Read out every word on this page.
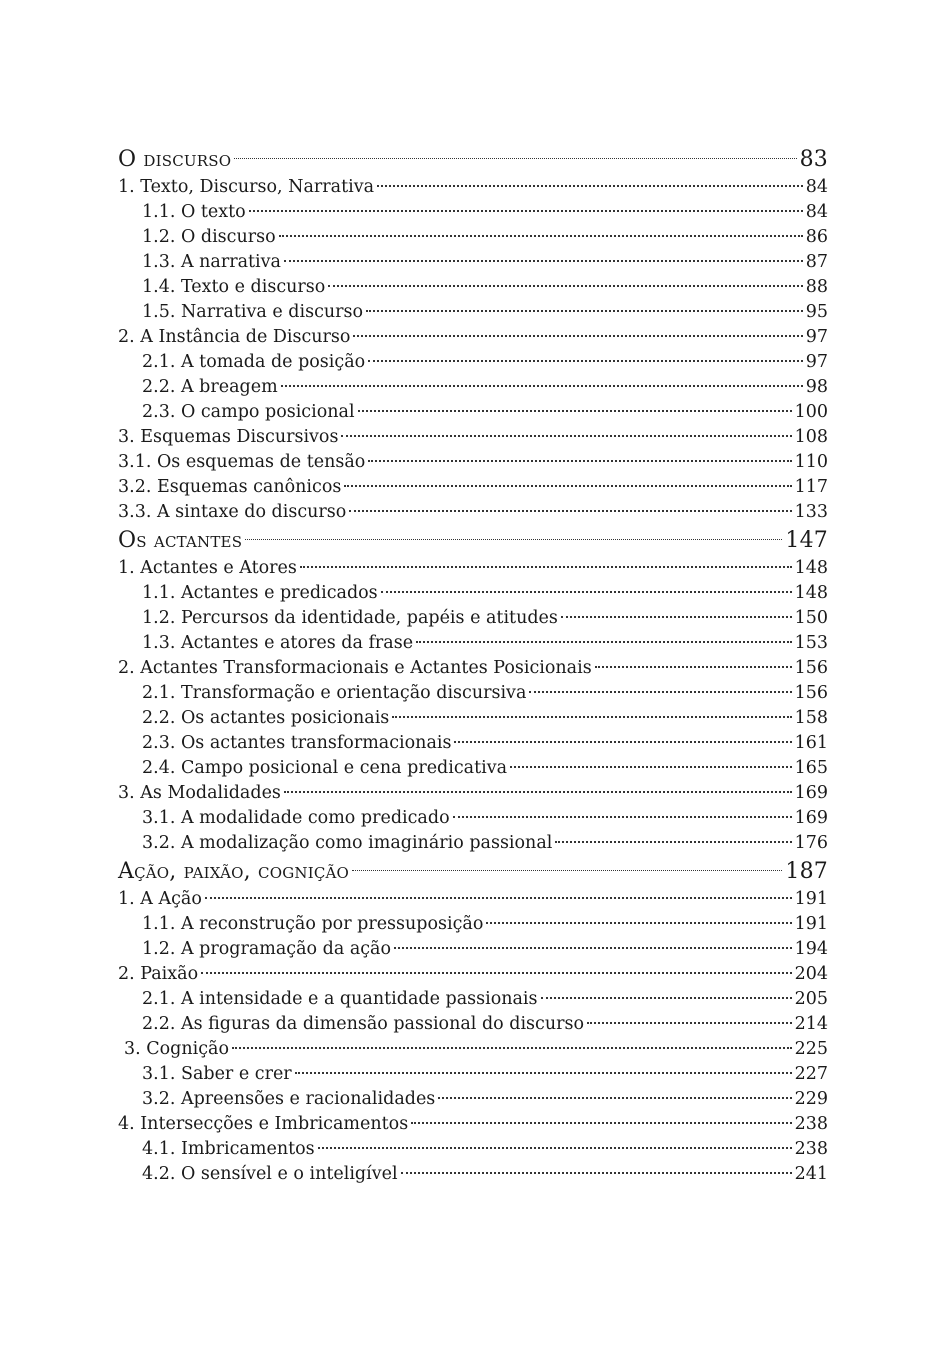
O discurso	83
1. Texto, Discurso, Narrativa	84
1.1. O texto	84
1.2. O discurso	86
1.3. A narrativa	87
1.4. Texto e discurso	88
1.5. Narrativa e discurso	95
2. A Instância de Discurso	97
2.1. A tomada de posição	97
2.2. A breagem	98
2.3. O campo posicional	100
3. Esquemas Discursivos	108
3.1. Os esquemas de tensão	110
3.2. Esquemas canônicos	117
3.3. A sintaxe do discurso	133
Os actantes	147
1. Actantes e Atores	148
1.1. Actantes e predicados	148
1.2. Percursos da identidade, papéis e atitudes	150
1.3. Actantes e atores da frase	153
2. Actantes Transformacionais e Actantes Posicionais	156
2.1. Transformação e orientação discursiva	156
2.2. Os actantes posicionais	158
2.3. Os actantes transformacionais	161
2.4. Campo posicional e cena predicativa	165
3. As Modalidades	169
3.1. A modalidade como predicado	169
3.2. A modalização como imaginário passional	176
Ação, paixão, cognição	187
1. A Ação	191
1.1. A reconstrução por pressuposição	191
1.2. A programação da ação	194
2. Paixão	204
2.1. A intensidade e a quantidade passionais	205
2.2. As figuras da dimensão passional do discurso	214
3. Cognição	225
3.1. Saber e crer	227
3.2. Apreensões e racionalidades	229
4. Intersecções e Imbricamentos	238
4.1. Imbricamentos	238
4.2. O sensível e o inteligível	241
